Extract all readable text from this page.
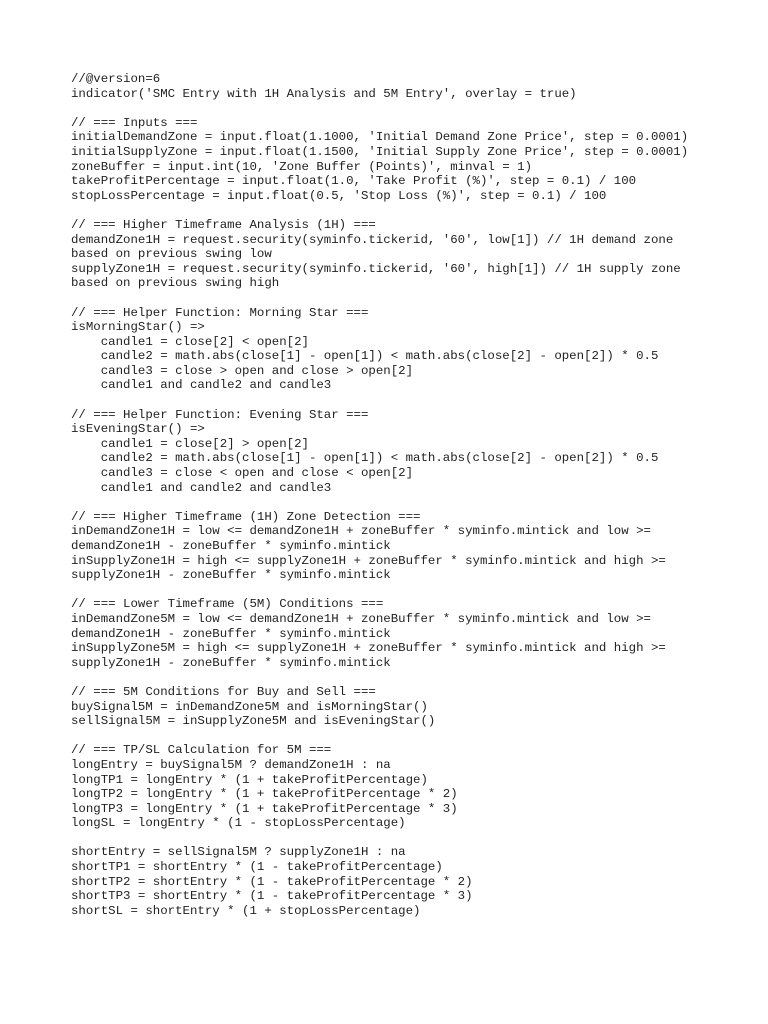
//@version=6
indicator('SMC Entry with 1H Analysis and 5M Entry', overlay = true)
// === Inputs ===
initialDemandZone = input.float(1.1000, 'Initial Demand Zone Price', step = 0.0001)
initialSupplyZone = input.float(1.1500, 'Initial Supply Zone Price', step = 0.0001)
zoneBuffer = input.int(10, 'Zone Buffer (Points)', minval = 1)
takeProfitPercentage = input.float(1.0, 'Take Profit (%)', step = 0.1) / 100
stopLossPercentage = input.float(0.5, 'Stop Loss (%)', step = 0.1) / 100
// === Higher Timeframe Analysis (1H) ===
demandZone1H = request.security(syminfo.tickerid, '60', low[1]) // 1H demand zone
based on previous swing low
supplyZone1H = request.security(syminfo.tickerid, '60', high[1]) // 1H supply zone
based on previous swing high
// === Helper Function: Morning Star ===
isMorningStar() =>
candle1 = close[2] < open[2]
candle2 = math.abs(close[1] - open[1]) < math.abs(close[2] - open[2]) * 0.5
candle3 = close > open and close > open[2]
candle1 and candle2 and candle3
// === Helper Function: Evening Star ===
isEveningStar() =>
candle1 = close[2] > open[2]
candle2 = math.abs(close[1] - open[1]) < math.abs(close[2] - open[2]) * 0.5
candle3 = close < open and close < open[2]
candle1 and candle2 and candle3
// === Higher Timeframe (1H) Zone Detection ===
inDemandZone1H = low <= demandZone1H + zoneBuffer * syminfo.mintick and low >=
demandZone1H - zoneBuffer * syminfo.mintick
inSupplyZone1H = high <= supplyZone1H + zoneBuffer * syminfo.mintick and high >=
supplyZone1H - zoneBuffer * syminfo.mintick
// === Lower Timeframe (5M) Conditions ===
inDemandZone5M = low <= demandZone1H + zoneBuffer * syminfo.mintick and low >=
demandZone1H - zoneBuffer * syminfo.mintick
inSupplyZone5M = high <= supplyZone1H + zoneBuffer * syminfo.mintick and high >=
supplyZone1H - zoneBuffer * syminfo.mintick
// === 5M Conditions for Buy and Sell ===
buySignal5M = inDemandZone5M and isMorningStar()
sellSignal5M = inSupplyZone5M and isEveningStar()
// === TP/SL Calculation for 5M ===
longEntry = buySignal5M ? demandZone1H : na
longTP1 = longEntry * (1 + takeProfitPercentage)
longTP2 = longEntry * (1 + takeProfitPercentage * 2)
longTP3 = longEntry * (1 + takeProfitPercentage * 3)
longSL = longEntry * (1 - stopLossPercentage)
shortEntry = sellSignal5M ? supplyZone1H : na
shortTP1 = shortEntry * (1 - takeProfitPercentage)
shortTP2 = shortEntry * (1 - takeProfitPercentage * 2)
shortTP3 = shortEntry * (1 - takeProfitPercentage * 3)
shortSL = shortEntry * (1 + stopLossPercentage)
